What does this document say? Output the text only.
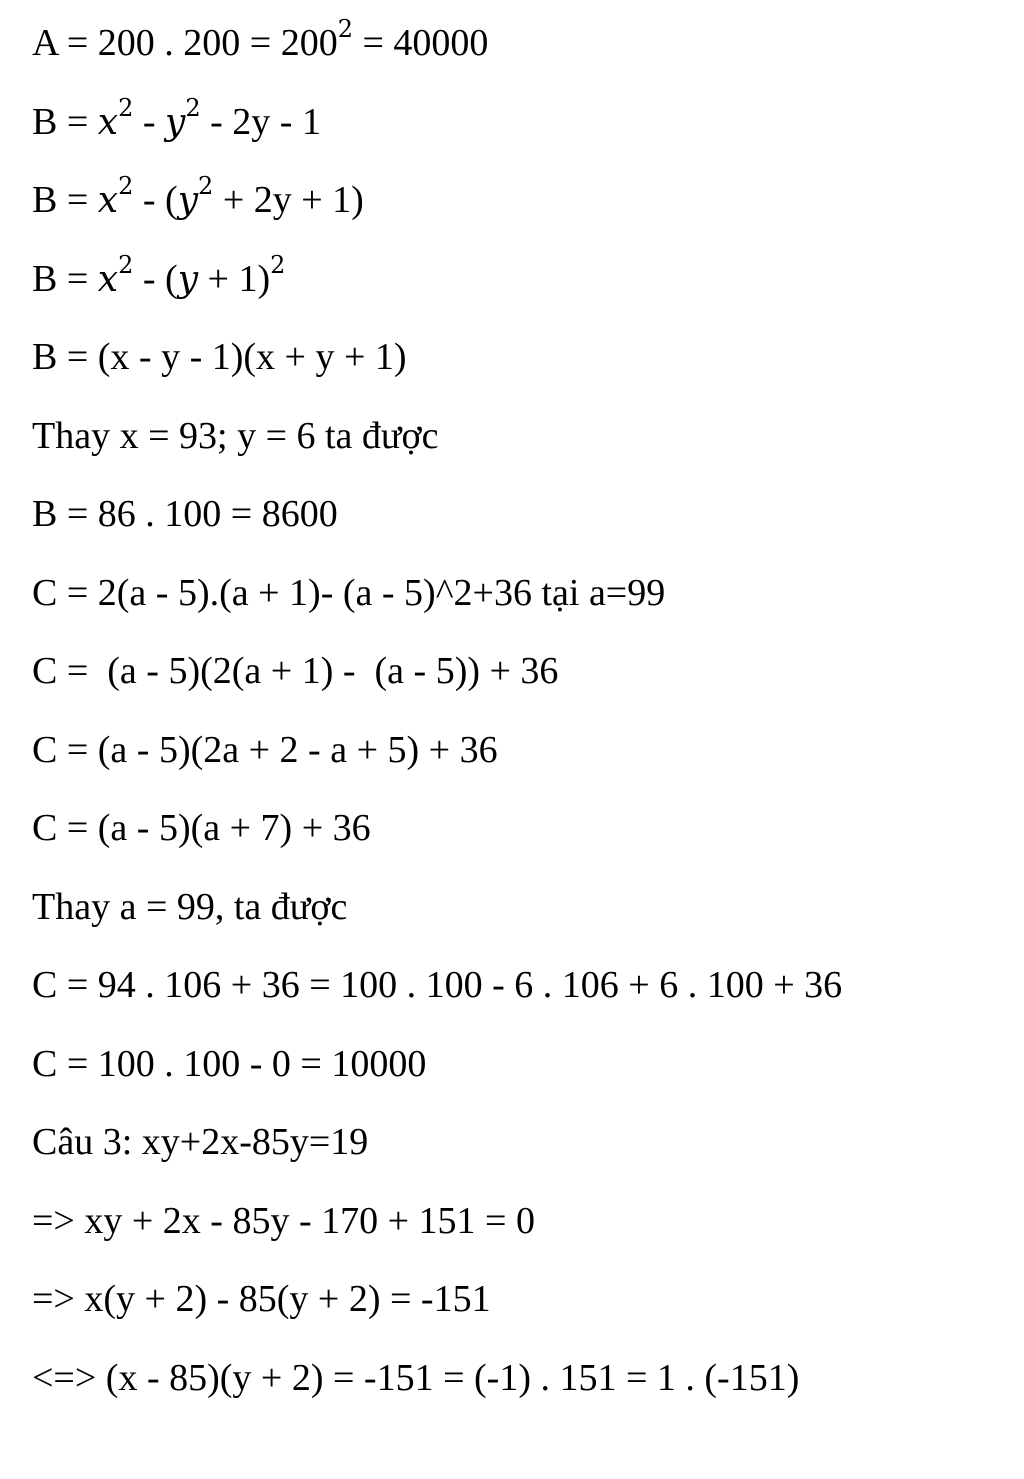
A = 200 . $200 = 200^2 = 40000$
$B = x^2 - y^2 - 2y - 1$
$B = x^2 - (y^2 + 2y + 1)$
$B = x^2 - (y + 1)^2$
B = (x - y - 1)(x + y + 1)
Thay x = 93; y = 6 ta được
B = 86 . 100 = 8600
C = 2(a - 5).(a + 1)- (a - 5)^2+36 tại a=99
C =  (a - 5)(2(a + 1) -  (a - 5)) + 36
C = (a - 5)(2a + 2 - a + 5) + 36
C = (a - 5)(a + 7) + 36
Thay a = 99, ta được
C = 94 . 106 + 36 = 100 . 100 - 6 . 106 + 6 . 100 + 36
C = 100 . 100 - 0 = 10000
Câu 3: xy+2x-85y=19
=> xy + 2x - 85y - 170 + 151 = 0
=> x(y + 2) - 85(y + 2) = -151
<=> (x - 85)(y + 2) = -151 = (-1) . 151 = 1 . (-151)
